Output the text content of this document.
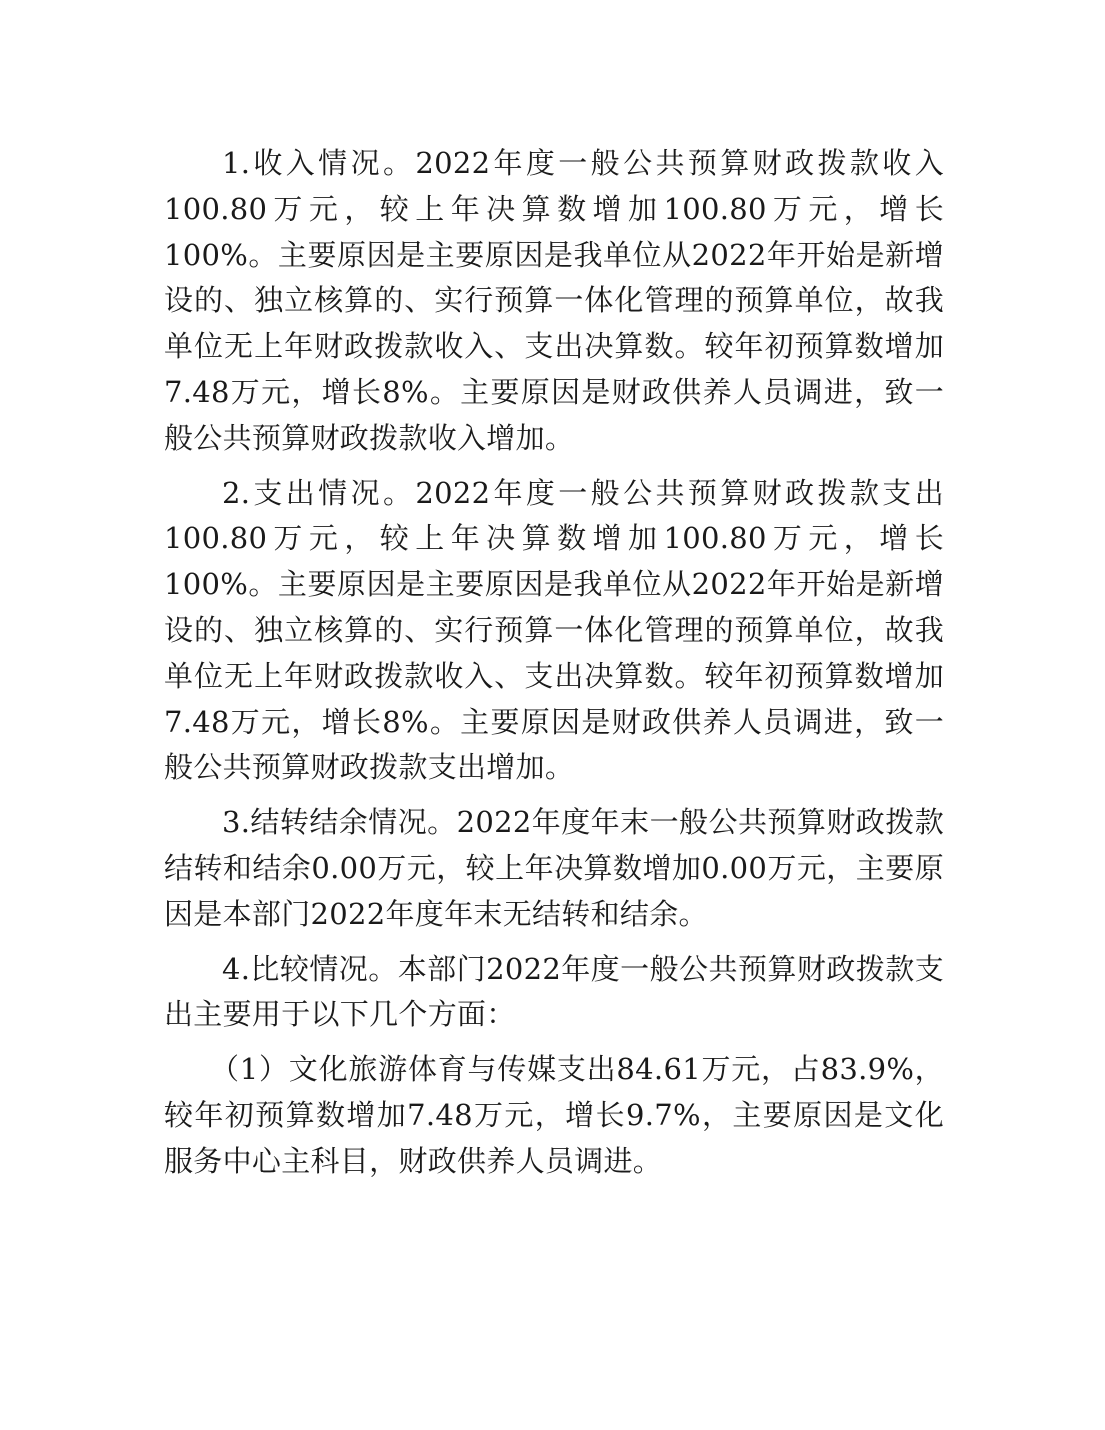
1.收入情况。2022年度一般公共预算财政拨款收入100.80万元，较上年决算数增加100.80万元，增长100%。主要原因是主要原因是我单位从2022年开始是新增设的、独立核算的、实行预算一体化管理的预算单位，故我单位无上年财政拨款收入、支出决算数。较年初预算数增加7.48万元，增长8%。主要原因是财政供养人员调进，致一般公共预算财政拨款收入增加。

2.支出情况。2022年度一般公共预算财政拨款支出100.80万元，较上年决算数增加100.80万元，增长100%。主要原因是主要原因是我单位从2022年开始是新增设的、独立核算的、实行预算一体化管理的预算单位，故我单位无上年财政拨款收入、支出决算数。较年初预算数增加7.48万元，增长8%。主要原因是财政供养人员调进，致一般公共预算财政拨款支出增加。

3.结转结余情况。2022年度年末一般公共预算财政拨款结转和结余0.00万元，较上年决算数增加0.00万元，主要原因是本部门2022年度年末无结转和结余。

4.比较情况。本部门2022年度一般公共预算财政拨款支出主要用于以下几个方面：

（1）文化旅游体育与传媒支出84.61万元，占83.9%，较年初预算数增加7.48万元，增长9.7%，主要原因是文化服务中心主科目，财政供养人员调进。
